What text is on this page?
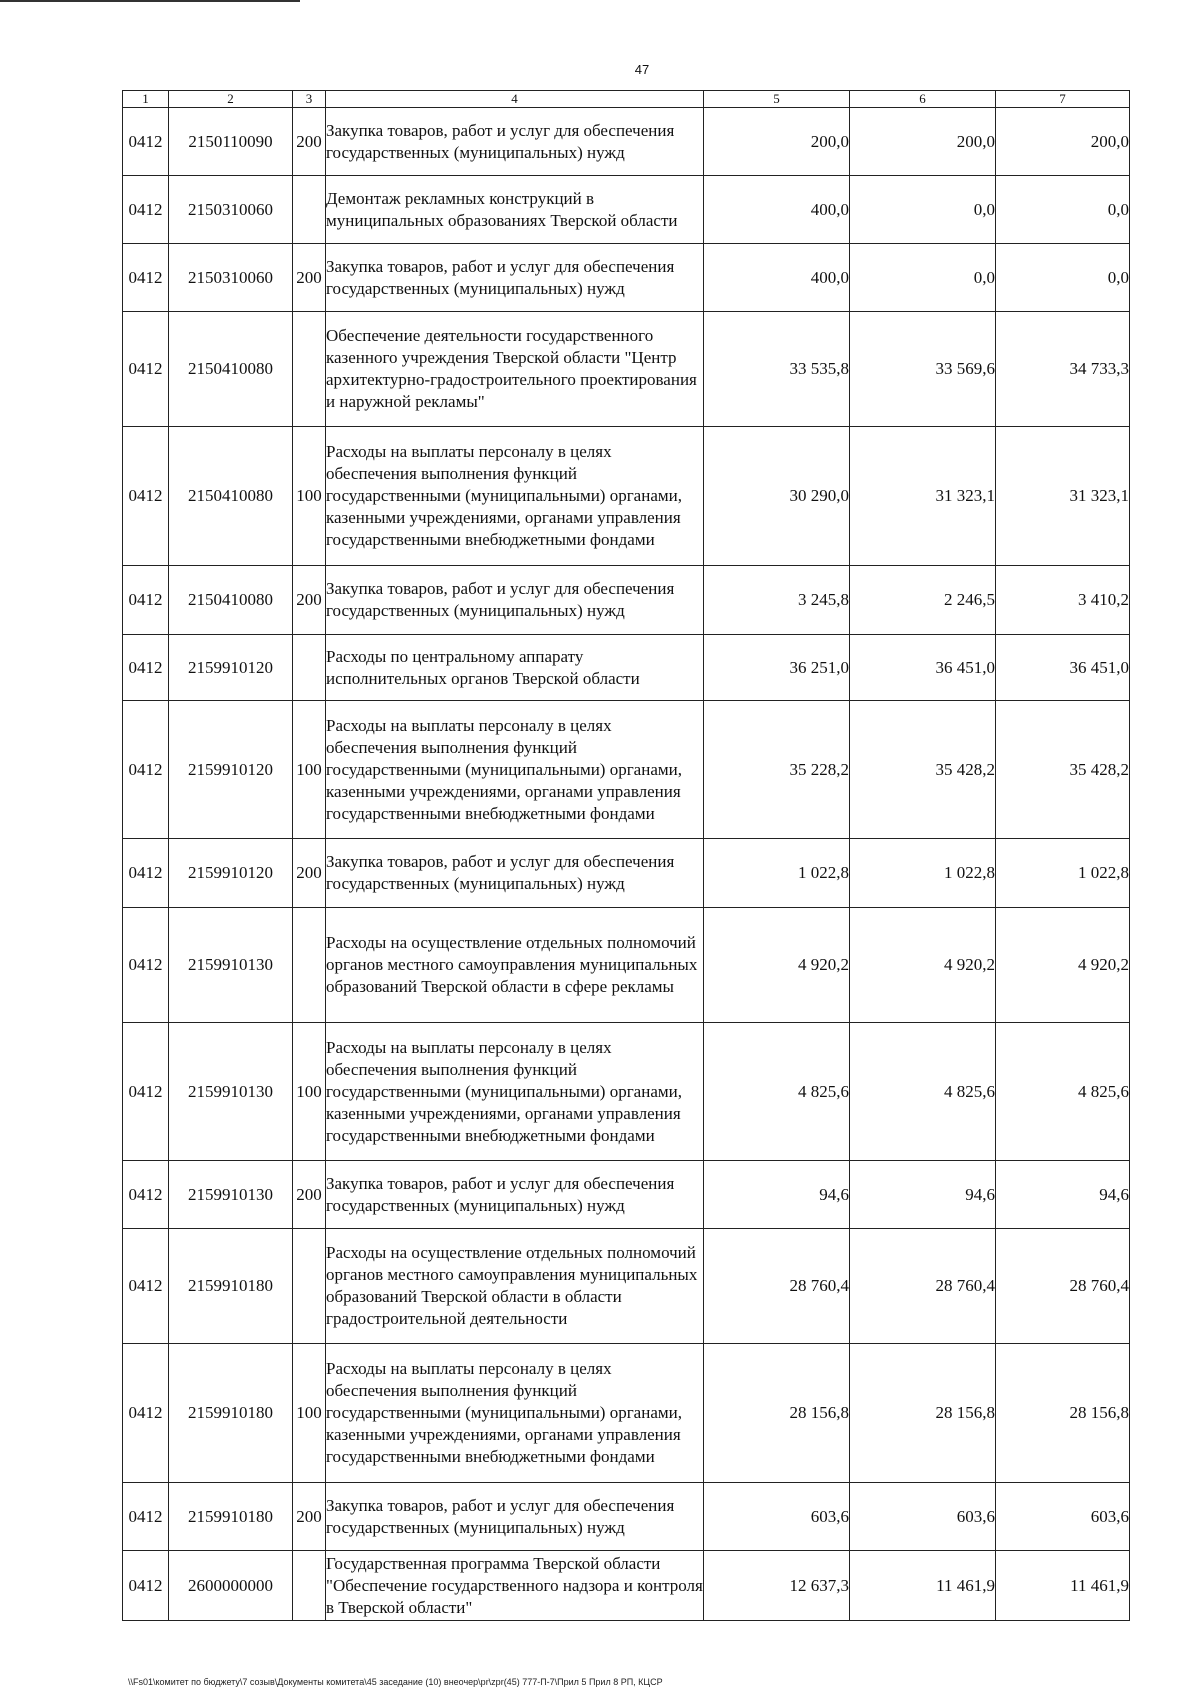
47
1	2	3	4	5	6	7
0412	2150110090	200	Закупка товаров, работ и услуг для обеспечения государственных (муниципальных) нужд	200,0	200,0	200,0
0412	2150310060		Демонтаж рекламных конструкций в муниципальных образованиях Тверской области	400,0	0,0	0,0
0412	2150310060	200	Закупка товаров, работ и услуг для обеспечения государственных (муниципальных) нужд	400,0	0,0	0,0
0412	2150410080		Обеспечение деятельности государственного казенного учреждения Тверской области "Центр архитектурно-градостроительного проектирования и наружной рекламы"	33 535,8	33 569,6	34 733,3
0412	2150410080	100	Расходы на выплаты персоналу в целях обеспечения выполнения функций государственными (муниципальными) органами, казенными учреждениями, органами управления государственными внебюджетными фондами	30 290,0	31 323,1	31 323,1
0412	2150410080	200	Закупка товаров, работ и услуг для обеспечения государственных (муниципальных) нужд	3 245,8	2 246,5	3 410,2
0412	2159910120		Расходы по центральному аппарату исполнительных органов Тверской области	36 251,0	36 451,0	36 451,0
0412	2159910120	100	Расходы на выплаты персоналу в целях обеспечения выполнения функций государственными (муниципальными) органами, казенными учреждениями, органами управления государственными внебюджетными фондами	35 228,2	35 428,2	35 428,2
0412	2159910120	200	Закупка товаров, работ и услуг для обеспечения государственных (муниципальных) нужд	1 022,8	1 022,8	1 022,8
0412	2159910130		Расходы на осуществление отдельных полномочий органов местного самоуправления муниципальных образований Тверской области в сфере рекламы	4 920,2	4 920,2	4 920,2
0412	2159910130	100	Расходы на выплаты персоналу в целях обеспечения выполнения функций государственными (муниципальными) органами, казенными учреждениями, органами управления государственными внебюджетными фондами	4 825,6	4 825,6	4 825,6
0412	2159910130	200	Закупка товаров, работ и услуг для обеспечения государственных (муниципальных) нужд	94,6	94,6	94,6
0412	2159910180		Расходы на осуществление отдельных полномочий органов местного самоуправления муниципальных образований Тверской области в области градостроительной деятельности	28 760,4	28 760,4	28 760,4
0412	2159910180	100	Расходы на выплаты персоналу в целях обеспечения выполнения функций государственными (муниципальными) органами, казенными учреждениями, органами управления государственными внебюджетными фондами	28 156,8	28 156,8	28 156,8
0412	2159910180	200	Закупка товаров, работ и услуг для обеспечения государственных (муниципальных) нужд	603,6	603,6	603,6
0412	2600000000		Государственная программа Тверской области "Обеспечение государственного надзора и контроля в Тверской области"	12 637,3	11 461,9	11 461,9
\\Fs01\комитет по бюджету\7 созыв\Документы комитета\45 заседание (10) внеочер\pr\zpr(45) 777-П-7\Прил 5 Прил 8 РП, КЦСР
